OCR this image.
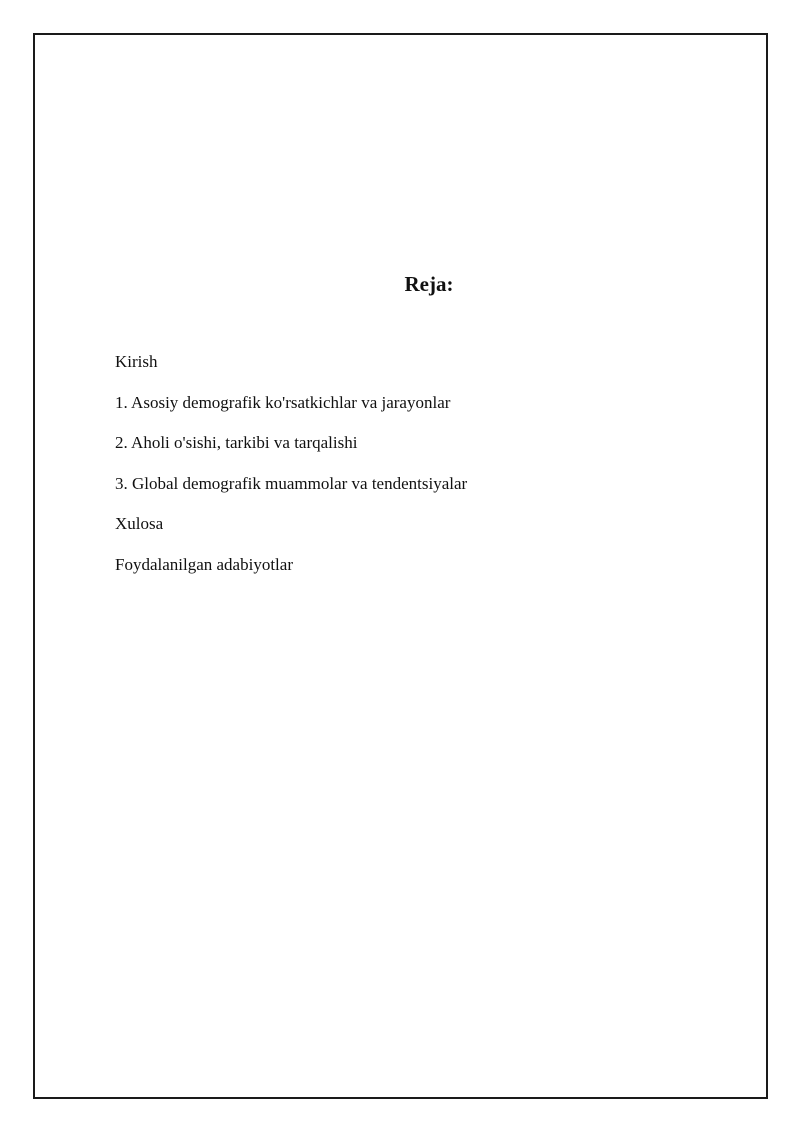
Reja:
Kirish
1. Asosiy demografik ko'rsatkichlar va jarayonlar
2. Aholi o'sishi, tarkibi va tarqalishi
3. Global demografik muammolar va tendentsiyalar
Xulosa
Foydalanilgan adabiyotlar
